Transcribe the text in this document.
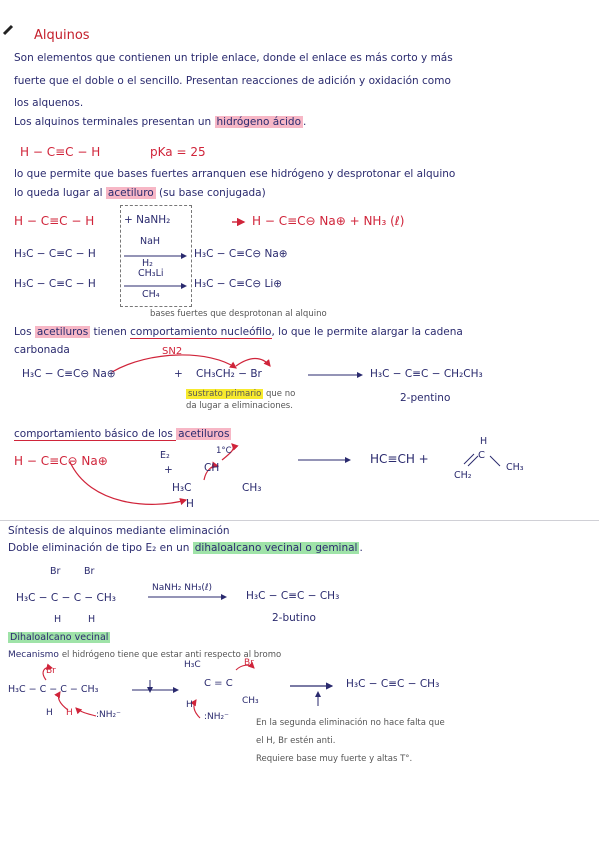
Alquinos
Son elementos que contienen un triple enlace, donde el enlace es más corto y más
fuerte que el doble o el sencillo. Presentan reacciones de adición y oxidación como
los alquenos.
Los alquinos terminales presentan un hidrógeno ácido .
H − C≡C − H	pKa = 25
lo que permite que bases fuertes arranquen ese hidrógeno y desprotonar el alquino
lo queda lugar al acetiluro (su base conjugada)
H − C≡C − H	+ NaNH₂	H − C≡C⊖ Na⊕ + NH₃ (ℓ)
H₃C − C≡C − H
NaH
H₂
H₃C − C≡C⊖ Na⊕
H₃C − C≡C − H
CH₃Li
CH₄
H₃C − C≡C⊖ Li⊕
bases fuertes que desprotonan al alquino
Los acetiluros tienen comportamiento nucleófilo, lo que le permite alargar la cadena
carbonada	SN2
H₃C − C≡C⊖ Na⊕	+ CH₃CH₂ − Br
sustrato primario que no
da lugar a eliminaciones.
H₃C − C≡C − CH₂CH₃
2-pentino
comportamiento básico de los acetiluros
H − C≡C⊖ Na⊕	E₂
+
1°C
CH
H₃C	CH₃
H
HC≡CH +
H
C
CH₂
CH₃
Síntesis de alquinos mediante eliminación
Doble eliminación de tipo E₂ en un dihaloalcano vecinal o geminal .
Br Br
H₃C − C − C − CH₃
H	H
NaNH₂ NH₃(ℓ)
H₃C − C≡C − CH₃
2-butino
Dihaloalcano vecinal
Mecanismo el hidrógeno tiene que estar anti respecto al bromo
Br
H₃C − C − C − CH₃
H H	:NH₂⁻
H₃C	Br
C = C
CH₃
H
:NH₂⁻
H₃C − C≡C − CH₃
En la segunda eliminación no hace falta que
el H, Br estén anti.
Requiere base muy fuerte y altas T°.
